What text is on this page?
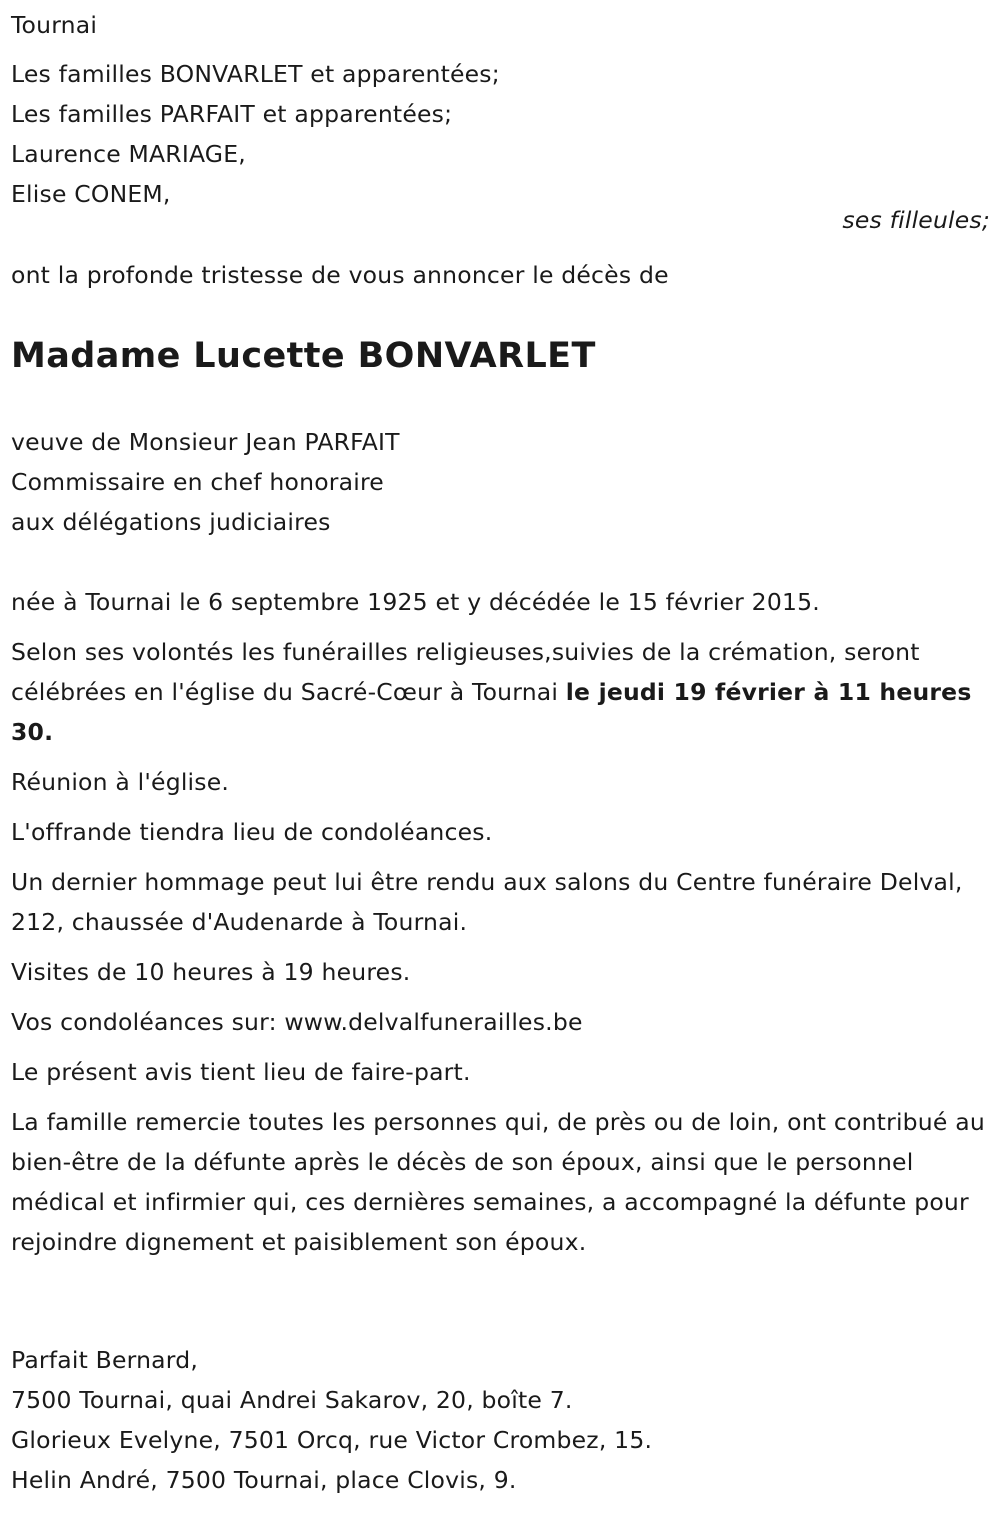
Tournai
Les familles BONVARLET et apparentées;
Les familles PARFAIT et apparentées;
Laurence MARIAGE,
Elise CONEM,
ses filleules;
ont la profonde tristesse de vous annoncer le décès de
Madame Lucette BONVARLET
veuve de Monsieur Jean PARFAIT
Commissaire en chef honoraire
aux délégations judiciaires

née à Tournai le 6 septembre 1925 et y décédée le 15 février 2015.

Selon ses volontés les funérailles religieuses,suivies de la crémation, seront célébrées en l'église du Sacré-Cœur à Tournai le jeudi 19 février à 11 heures 30.

Réunion à l'église.

L'offrande tiendra lieu de condoléances.

Un dernier hommage peut lui être rendu aux salons du Centre funéraire Delval, 212, chaussée d'Audenarde à Tournai.

Visites de 10 heures à 19 heures.

Vos condoléances sur: www.delvalfunerailles.be

Le présent avis tient lieu de faire-part.

La famille remercie toutes les personnes qui, de près ou de loin, ont contribué au bien-être de la défunte après le décès de son époux, ainsi que le personnel médical et infirmier qui, ces dernières semaines, a accompagné la défunte pour rejoindre dignement et paisiblement son époux.

Parfait Bernard,
7500 Tournai, quai Andrei Sakarov, 20, boîte 7.
Glorieux Evelyne, 7501 Orcq, rue Victor Crombez, 15.
Helin André, 7500 Tournai, place Clovis, 9.
